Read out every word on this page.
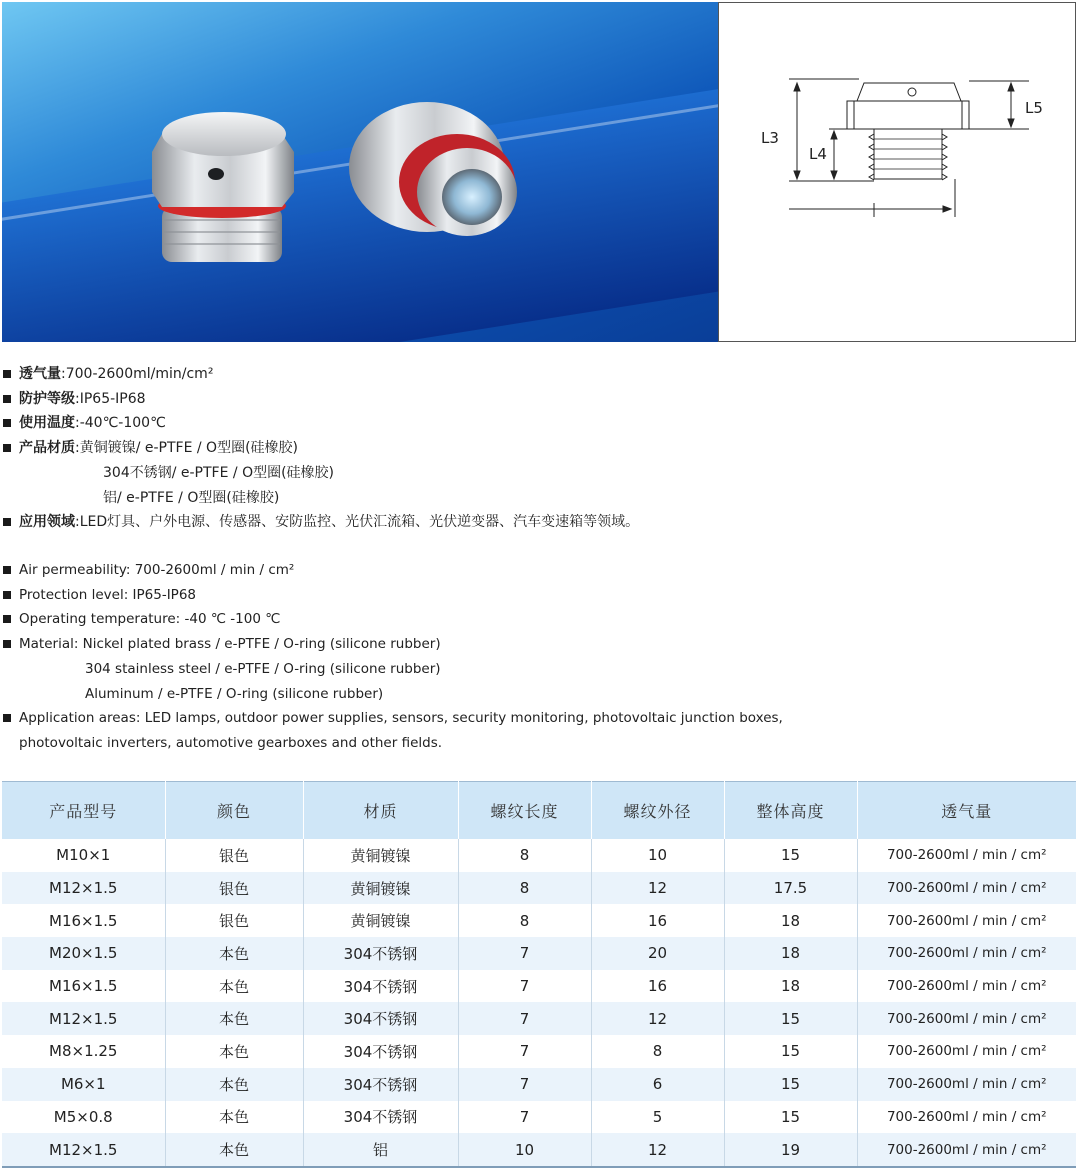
L3
L4
L5
透气量:700-2600ml/min/cm²
防护等级:IP65-IP68
使用温度:-40℃-100℃
产品材质:黄铜镀镍/ e-PTFE / O型圈(硅橡胶)
304不锈钢/ e-PTFE / O型圈(硅橡胶)
铝/ e-PTFE / O型圈(硅橡胶)
应用领域:LED灯具、户外电源、传感器、安防监控、光伏汇流箱、光伏逆变器、汽车变速箱等领域。
Air permeability: 700-2600ml / min / cm²
Protection level: IP65-IP68
Operating temperature: -40 ℃ -100 ℃
Material: Nickel plated brass / e-PTFE / O-ring (silicone rubber)
304 stainless steel / e-PTFE / O-ring (silicone rubber)
Aluminum / e-PTFE / O-ring (silicone rubber)
Application areas: LED lamps, outdoor power supplies, sensors, security monitoring, photovoltaic junction boxes,
photovoltaic inverters, automotive gearboxes and other fields.
产品型号	颜色	材质	螺纹长度	螺纹外径	整体高度	透气量
M10×1	银色	黄铜镀镍	8	10	15	700-2600ml / min / cm²
M12×1.5	银色	黄铜镀镍	8	12	17.5	700-2600ml / min / cm²
M16×1.5	银色	黄铜镀镍	8	16	18	700-2600ml / min / cm²
M20×1.5	本色	304不锈钢	7	20	18	700-2600ml / min / cm²
M16×1.5	本色	304不锈钢	7	16	18	700-2600ml / min / cm²
M12×1.5	本色	304不锈钢	7	12	15	700-2600ml / min / cm²
M8×1.25	本色	304不锈钢	7	8	15	700-2600ml / min / cm²
M6×1	本色	304不锈钢	7	6	15	700-2600ml / min / cm²
M5×0.8	本色	304不锈钢	7	5	15	700-2600ml / min / cm²
M12×1.5	本色	铝	10	12	19	700-2600ml / min / cm²
